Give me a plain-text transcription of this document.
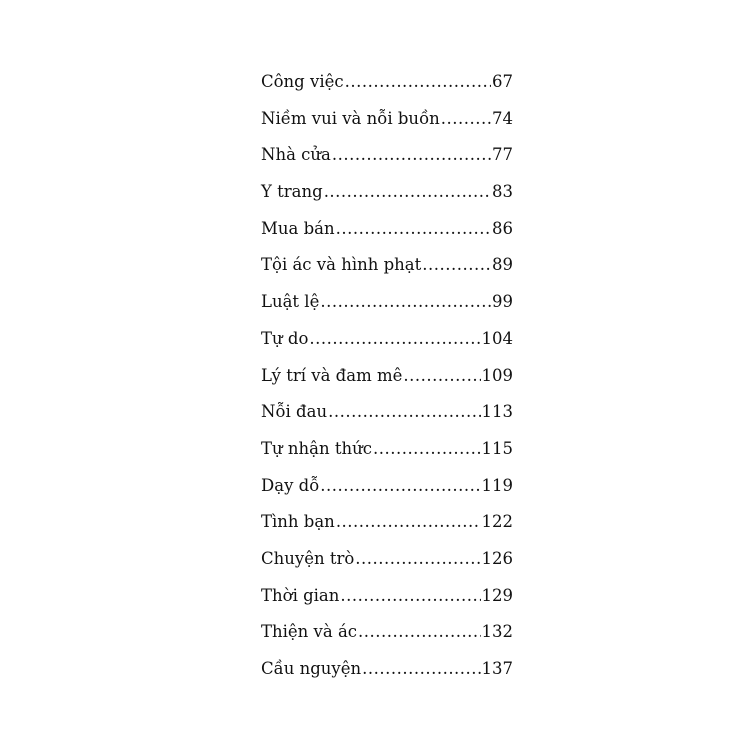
Công việc .....	67
Niềm vui và nỗi buồn .....	74
Nhà cửa .....	77
Y trang .....	83
Mua bán .....	86
Tội ác và hình phạt .....	89
Luật lệ .....	99
Tự do .....	104
Lý trí và đam mê .....	109
Nỗi đau .....	113
Tự nhận thức .....	115
Dạy dỗ .....	119
Tình bạn .....	122
Chuyện trò .....	126
Thời gian .....	129
Thiện và ác .....	132
Cầu nguyện .....	137
